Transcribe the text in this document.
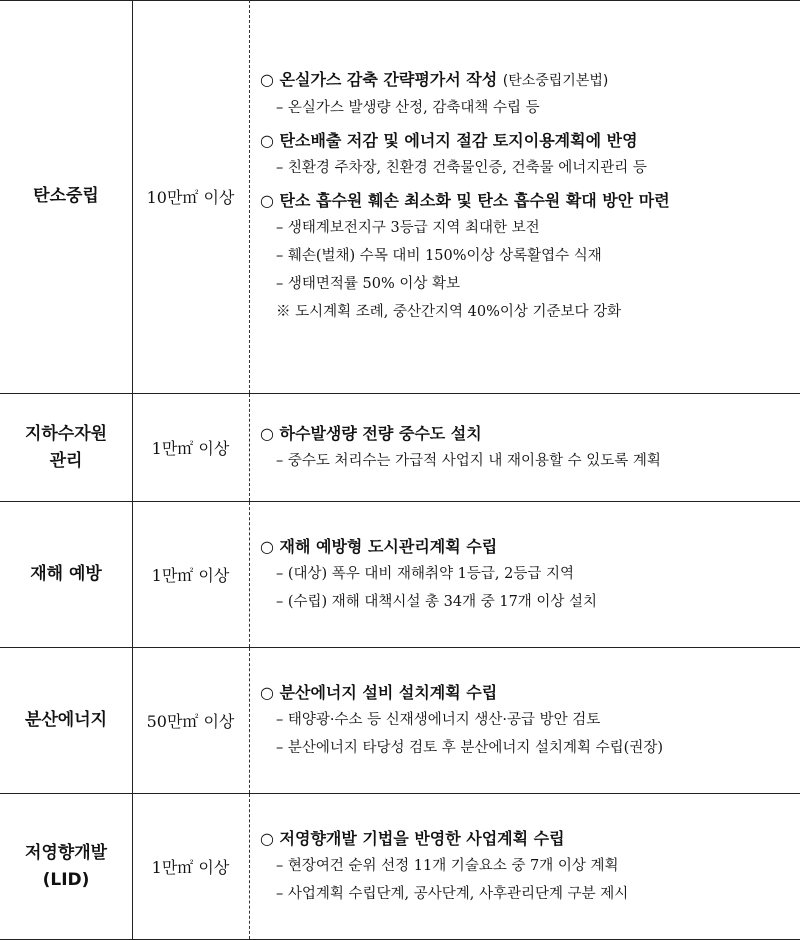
탄소중립	10만㎡ 이상
○ 온실가스 감축 간략평가서 작성 (탄소중립기본법)
– 온실가스 발생량 산정, 감축대책 수립 등
○ 탄소배출 저감 및 에너지 절감 토지이용계획에 반영
– 친환경 주차장, 친환경 건축물인증, 건축물 에너지관리 등
○ 탄소 흡수원 훼손 최소화 및 탄소 흡수원 확대 방안 마련
– 생태계보전지구 3등급 지역 최대한 보전
– 훼손(벌채) 수목 대비 150%이상 상록활엽수 식재
– 생태면적률 50% 이상 확보
※ 도시계획 조례, 중산간지역 40%이상 기준보다 강화
지하수자원
관리
1만㎡ 이상
○ 하수발생량 전량 중수도 설치
– 중수도 처리수는 가급적 사업지 내 재이용할 수 있도록 계획
재해 예방	1만㎡ 이상
○ 재해 예방형 도시관리계획 수립
– (대상) 폭우 대비 재해취약 1등급, 2등급 지역
– (수립) 재해 대책시설 총 34개 중 17개 이상 설치
분산에너지 50만㎡ 이상
○ 분산에너지 설비 설치계획 수립
– 태양광·수소 등 신재생에너지 생산·공급 방안 검토
– 분산에너지 타당성 검토 후 분산에너지 설치계획 수립(권장)
저영향개발
(LID)
1만㎡ 이상
○ 저영향개발 기법을 반영한 사업계획 수립
– 현장여건 순위 선정 11개 기술요소 중 7개 이상 계획
– 사업계획 수립단계, 공사단계, 사후관리단계 구분 제시
